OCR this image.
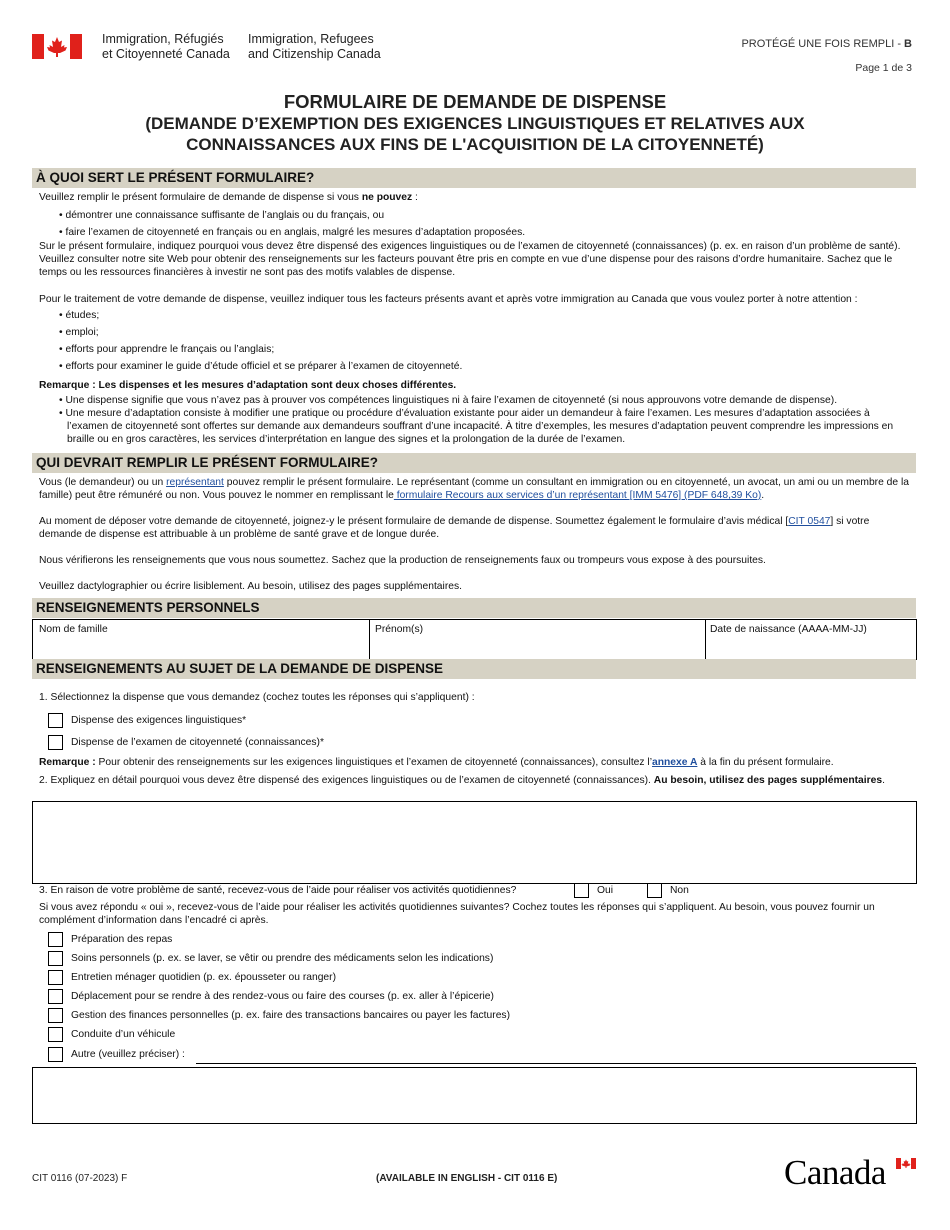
Immigration, Réfugiés
et Citoyenneté Canada
Immigration, Refugees
and Citizenship Canada
PROTÉGÉ UNE FOIS REMPLI - B
Page 1 de 3
FORMULAIRE DE DEMANDE DE DISPENSE
(DEMANDE D’EXEMPTION DES EXIGENCES LINGUISTIQUES ET RELATIVES AUX
CONNAISSANCES AUX FINS DE L'ACQUISITION DE LA CITOYENNETÉ)
À QUOI SERT LE PRÉSENT FORMULAIRE?
Veuillez remplir le présent formulaire de demande de dispense si vous ne pouvez :
• démontrer une connaissance suffisante de l’anglais ou du français, ou
• faire l’examen de citoyenneté en français ou en anglais, malgré les mesures d’adaptation proposées.
Sur le présent formulaire, indiquez pourquoi vous devez être dispensé des exigences linguistiques ou de l’examen de citoyenneté (connaissances) (p. ex. en raison d’un problème de santé). Veuillez consulter notre site Web pour obtenir des renseignements sur les facteurs pouvant être pris en compte en vue d’une dispense pour des raisons d’ordre humanitaire. Sachez que le temps ou les ressources financières à investir ne sont pas des motifs valables de dispense.
Pour le traitement de votre demande de dispense, veuillez indiquer tous les facteurs présents avant et après votre immigration au Canada que vous voulez porter à notre attention :
• études;
• emploi;
• efforts pour apprendre le français ou l’anglais;
• efforts pour examiner le guide d’étude officiel et se préparer à l’examen de citoyenneté.
Remarque : Les dispenses et les mesures d’adaptation sont deux choses différentes.
• Une dispense signifie que vous n’avez pas à prouver vos compétences linguistiques ni à faire l’examen de citoyenneté (si nous approuvons votre demande de dispense).
• Une mesure d’adaptation consiste à modifier une pratique ou procédure d’évaluation existante pour aider un demandeur à faire l’examen. Les mesures d’adaptation associées à l’examen de citoyenneté sont offertes sur demande aux demandeurs souffrant d’une incapacité. À titre d’exemples, les mesures d’adaptation peuvent comprendre les impressions en braille ou en gros caractères, les services d’interprétation en langue des signes et la prolongation de la durée de l’examen.
QUI DEVRAIT REMPLIR LE PRÉSENT FORMULAIRE?
Vous (le demandeur) ou un représentant pouvez remplir le présent formulaire. Le représentant (comme un consultant en immigration ou en citoyenneté, un avocat, un ami ou un membre de la famille) peut être rémunéré ou non. Vous pouvez le nommer en remplissant le formulaire Recours aux services d’un représentant [IMM 5476] (PDF 648,39 Ko).
Au moment de déposer votre demande de citoyenneté, joignez-y le présent formulaire de demande de dispense. Soumettez également le formulaire d’avis médical [CIT 0547] si votre demande de dispense est attribuable à un problème de santé grave et de longue durée.
Nous vérifierons les renseignements que vous nous soumettez. Sachez que la production de renseignements faux ou trompeurs vous expose à des poursuites.
Veuillez dactylographier ou écrire lisiblement. Au besoin, utilisez des pages supplémentaires.
RENSEIGNEMENTS PERSONNELS
Nom de famille	Prénom(s)	Date de naissance (AAAA-MM-JJ)
RENSEIGNEMENTS AU SUJET DE LA DEMANDE DE DISPENSE
1. Sélectionnez la dispense que vous demandez (cochez toutes les réponses qui s’appliquent) :
Dispense des exigences linguistiques*
Dispense de l’examen de citoyenneté (connaissances)*
Remarque : Pour obtenir des renseignements sur les exigences linguistiques et l’examen de citoyenneté (connaissances), consultez l’annexe A à la fin du présent formulaire.
2. Expliquez en détail pourquoi vous devez être dispensé des exigences linguistiques ou de l’examen de citoyenneté (connaissances). Au besoin, utilisez des pages supplémentaires.
3. En raison de votre problème de santé, recevez-vous de l’aide pour réaliser vos activités quotidiennes?	Oui	Non
Si vous avez répondu « oui », recevez-vous de l’aide pour réaliser les activités quotidiennes suivantes? Cochez toutes les réponses qui s’appliquent. Au besoin, vous pouvez fournir un complément d’information dans l’encadré ci après.
Préparation des repas
Soins personnels (p. ex. se laver, se vêtir ou prendre des médicaments selon les indications)
Entretien ménager quotidien (p. ex. épousseter ou ranger)
Déplacement pour se rendre à des rendez-vous ou faire des courses (p. ex. aller à l’épicerie)
Gestion des finances personnelles (p. ex. faire des transactions bancaires ou payer les factures)
Conduite d’un véhicule
Autre (veuillez préciser) :
CIT 0116 (07-2023) F	(AVAILABLE IN ENGLISH - CIT 0116 E)	Canada
